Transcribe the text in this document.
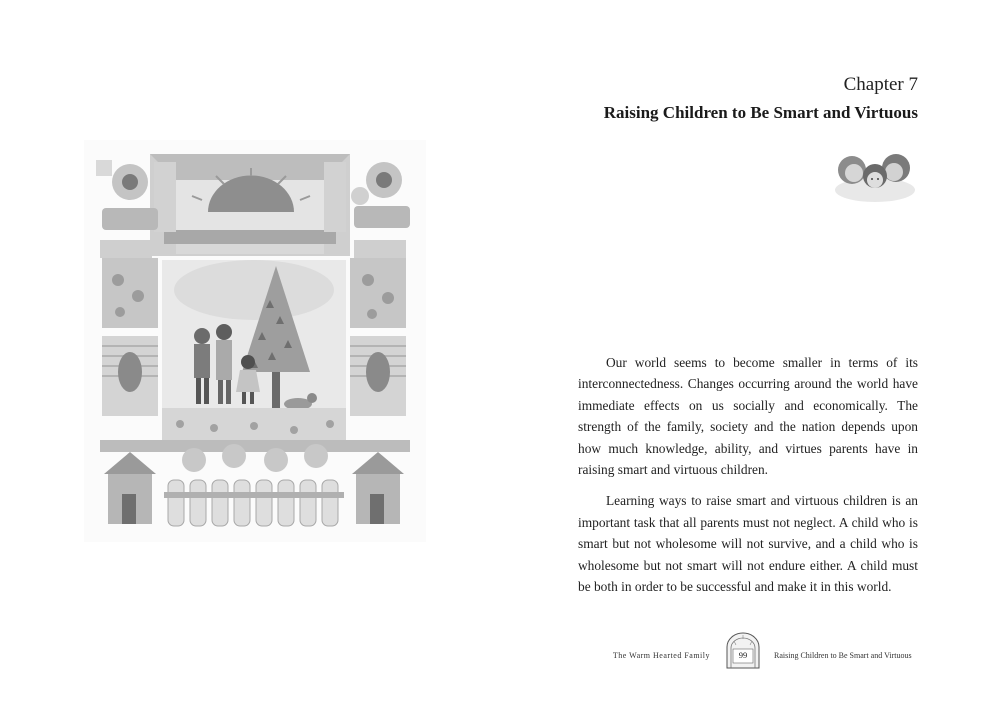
Chapter 7
Raising Children to Be Smart and Virtuous

Our world seems to become smaller in terms of its interconnectedness. Changes occurring around the world have immediate effects on us socially and economically. The strength of the family, society and the nation depends upon how much knowledge, ability, and virtues parents have in raising smart and virtuous children.

Learning ways to raise smart and virtuous children is an important task that all parents must not neglect. A child who is smart but not wholesome will not survive, and a child who is wholesome but not smart will not endure either. A child must be both in order to be successful and make it in this world.

The Warm Hearted Family	99	Raising Children to Be Smart and Virtuous
